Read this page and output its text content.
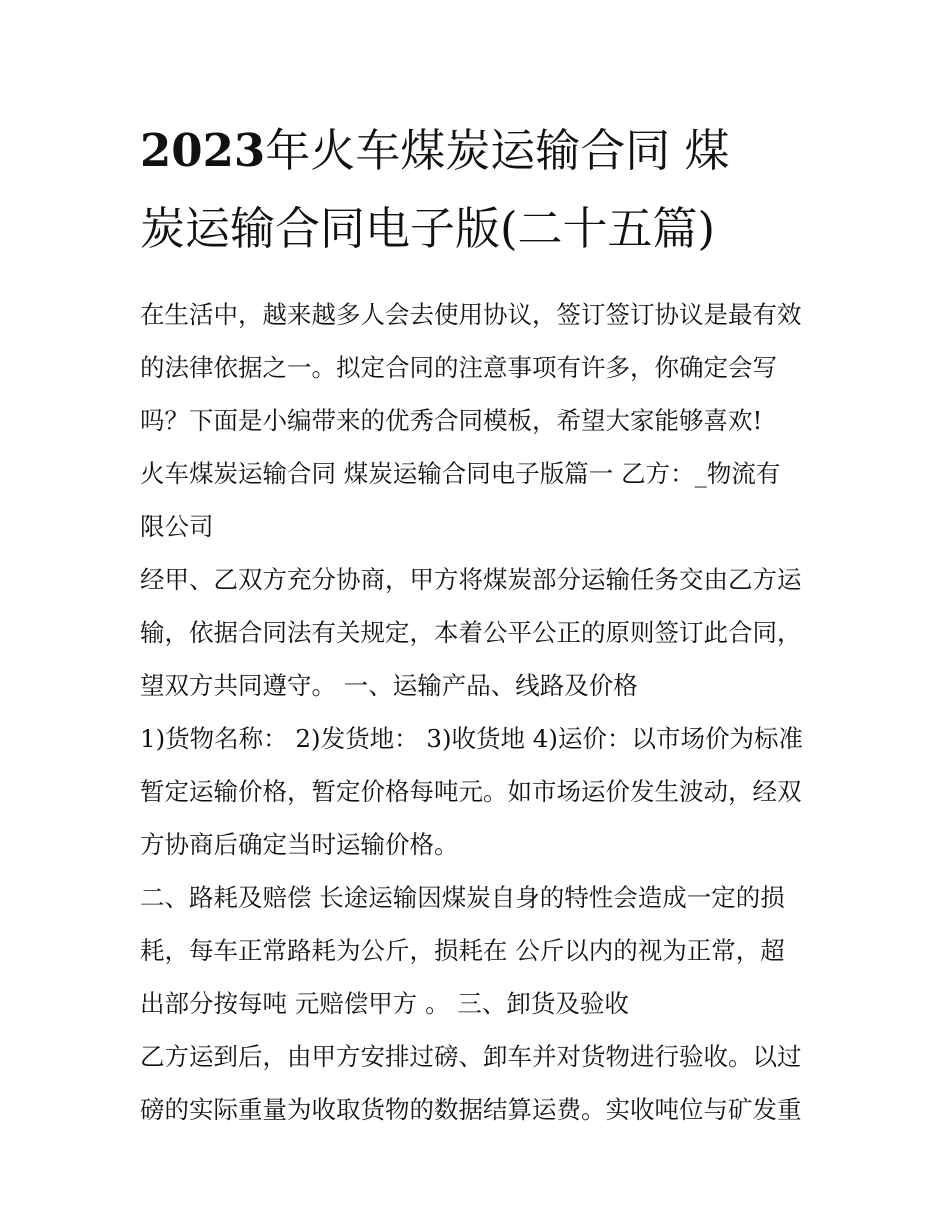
2023年火车煤炭运输合同 煤
炭运输合同电子版(二十五篇)
在生活中，越来越多人会去使用协议，签订签订协议是最有效
的法律依据之一。拟定合同的注意事项有许多，你确定会写
吗？下面是小编带来的优秀合同模板，希望大家能够喜欢!
火车煤炭运输合同 煤炭运输合同电子版篇一 乙方：_物流有
限公司
经甲、乙双方充分协商，甲方将煤炭部分运输任务交由乙方运
输，依据合同法有关规定，本着公平公正的原则签订此合同，
望双方共同遵守。 一、运输产品、线路及价格
1)货物名称： 2)发货地： 3)收货地 4)运价：以市场价为标准
暂定运输价格，暂定价格每吨元。如市场运价发生波动，经双
方协商后确定当时运输价格。
二、路耗及赔偿 长途运输因煤炭自身的特性会造成一定的损
耗，每车正常路耗为公斤，损耗在 公斤以内的视为正常，超
出部分按每吨 元赔偿甲方 。 三、卸货及验收
乙方运到后，由甲方安排过磅、卸车并对货物进行验收。以过
磅的实际重量为收取货物的数据结算运费。实收吨位与矿发重
